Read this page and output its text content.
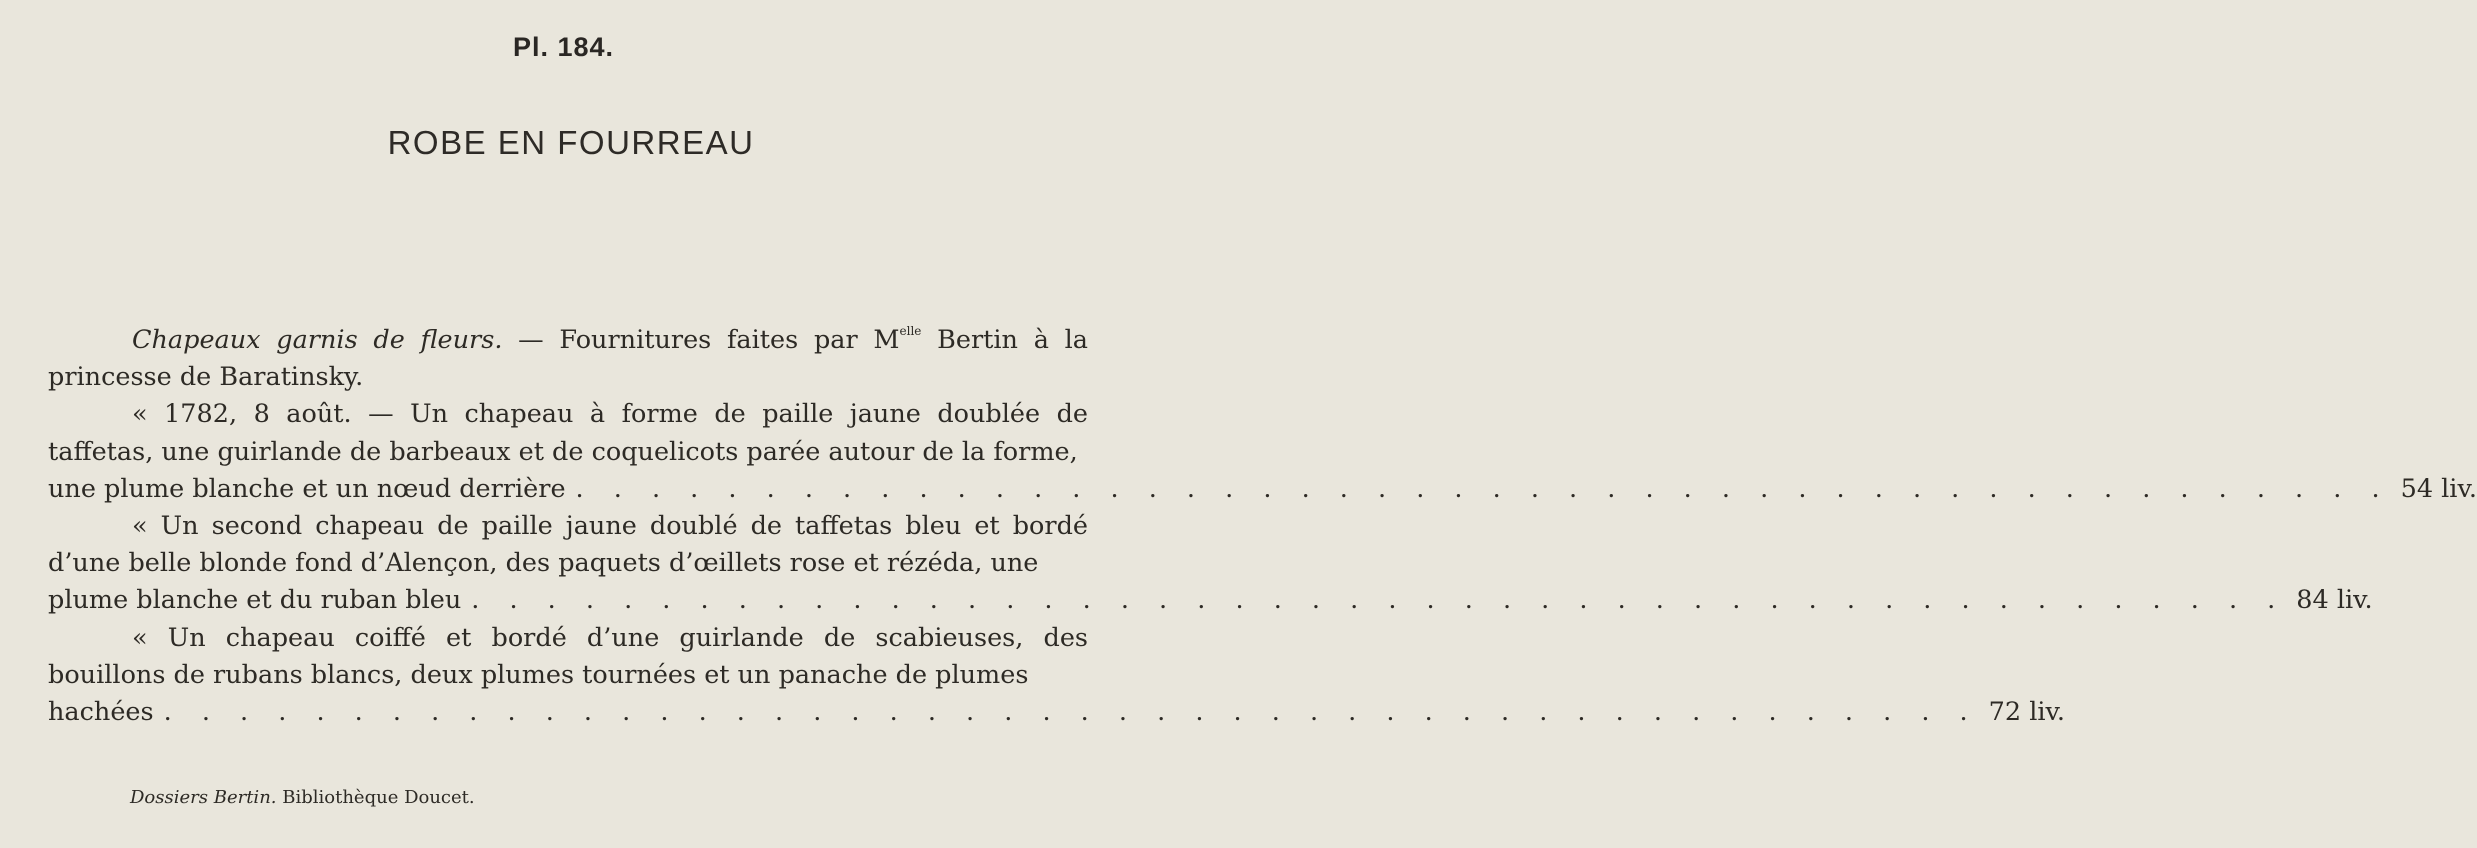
Pl. 184.
ROBE EN FOURREAU
Chapeaux garnis de fleurs. — Fournitures faites par $M^{elle}$ Bertin à la princesse de Baratinsky.
« 1782, 8 août. — Un chapeau à forme de paille jaune doublée de taffetas, une guirlande de barbeaux et de coquelicots parée autour de la forme,
une plume blanche et un nœud derrière . . . . . . . . . . . . . . . . . . . . . . . . . . . . . . . . . . . . . . . . . . . . . . . . 54 liv.
« Un second chapeau de paille jaune doublé de taffetas bleu et bordé d’une belle blonde fond d’Alençon, des paquets d’œillets rose et rézéda, une
plume blanche et du ruban bleu . . . . . . . . . . . . . . . . . . . . . . . . . . . . . . . . . . . . . . . . . . . . . . . . 84 liv.
« Un chapeau coiffé et bordé d’une guirlande de scabieuses, des bouillons de rubans blancs, deux plumes tournées et un panache de plumes
hachées . . . . . . . . . . . . . . . . . . . . . . . . . . . . . . . . . . . . . . . . . . . . . . . . 72 liv.
Dossiers Bertin. Bibliothèque Doucet.
